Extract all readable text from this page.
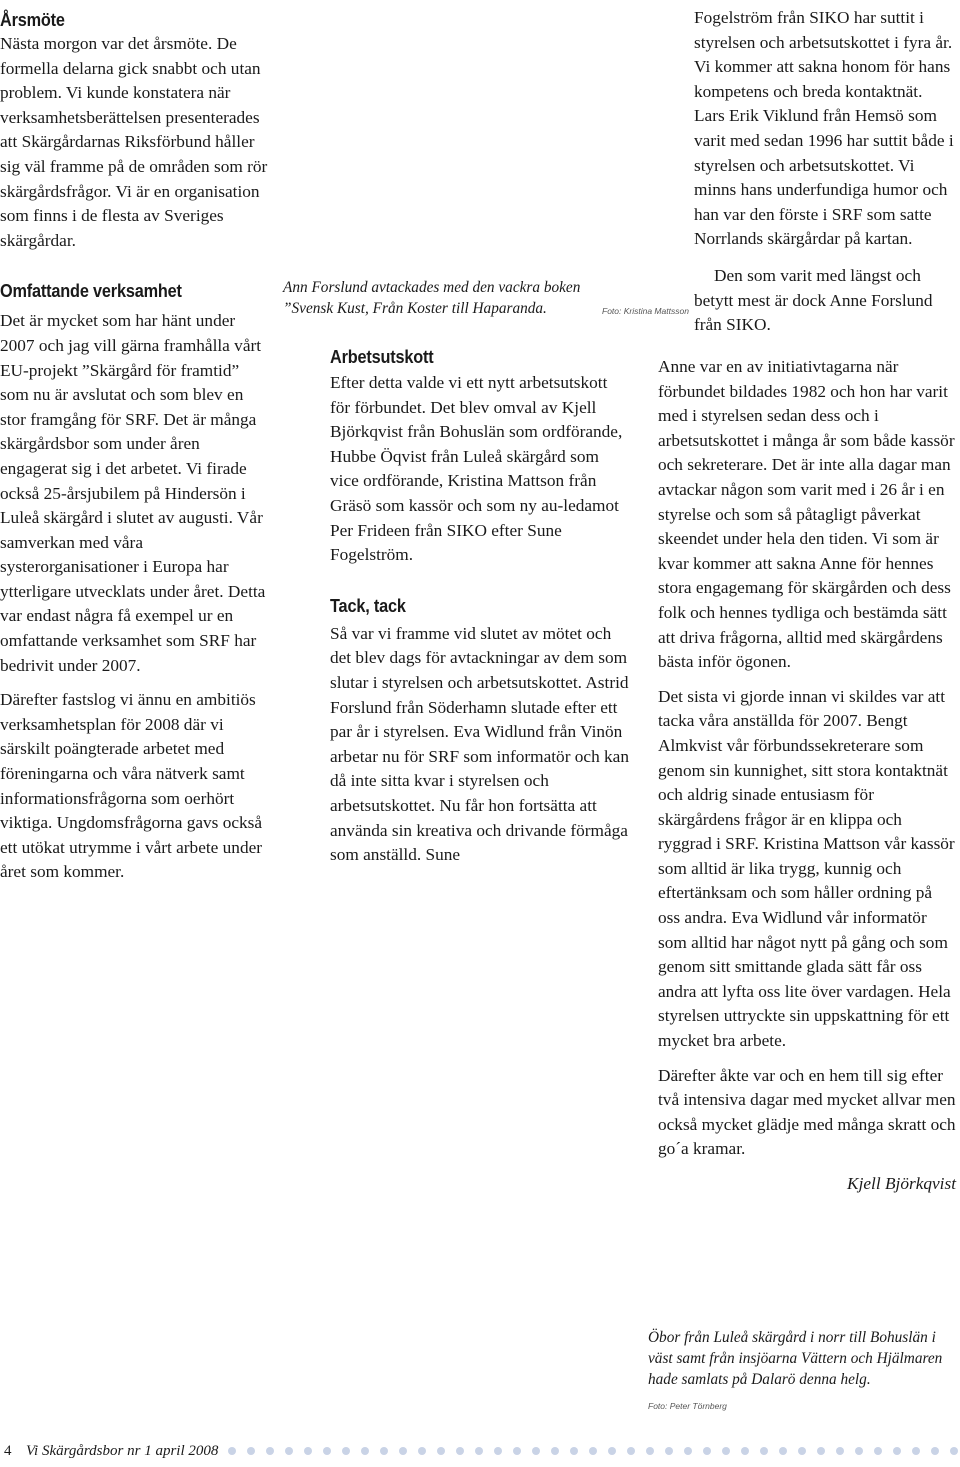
Årsmöte

Nästa morgon var det årsmöte. De formella delarna gick snabbt och utan problem. Vi kunde konstatera när verksamhetsberättelsen presenterades att Skärgårdarnas Riksförbund håller sig väl framme på de områden som rör skärgårdsfrågor. Vi är en organisation som finns i de flesta av Sveriges skärgårdar.

Omfattande verksamhet

Det är mycket som har hänt under 2007 och jag vill gärna framhålla vårt EU-projekt ”Skärgård för framtid” som nu är avslutat och som blev en stor framgång för SRF. Det är många skärgårdsbor som under åren engagerat sig i det arbetet. Vi firade också 25-årsjubilem på Hindersön i Luleå skärgård i slutet av augusti. Vår samverkan med våra systerorganisationer i Europa har ytterligare utvecklats under året. Detta var endast några få exempel ur en omfattande verksamhet som SRF har bedrivit under 2007.

Därefter fastslog vi ännu en ambitiös verksamhetsplan för 2008 där vi särskilt poängterade arbetet med föreningarna och våra nätverk samt informationsfrågorna som oerhört viktiga. Ungdomsfrågorna gavs också ett utökat utrymme i vårt arbete under året som kommer.

Ann Forslund avtackades med den vackra boken ”Svensk Kust, Från Koster till Haparanda.	Foto: Kristina Mattsson
Arbetsutskott

Efter detta valde vi ett nytt arbetsutskott för förbundet. Det blev omval av Kjell Björkqvist från Bohuslän som ordförande, Hubbe Öqvist från Luleå skärgård som vice ordförande, Kristina Mattson från Gräsö som kassör och som ny au-ledamot Per Frideen från SIKO efter Sune Fogelström.

Tack, tack

Så var vi framme vid slutet av mötet och det blev dags för avtackningar av dem som slutar i styrelsen och arbetsutskottet. Astrid Forslund från Söderhamn slutade efter ett par år i styrelsen. Eva Widlund från Vinön arbetar nu för SRF som informatör och kan då inte sitta kvar i styrelsen och arbetsutskottet. Nu får hon fortsätta att använda sin kreativa och drivande förmåga som anställd. Sune

Fogelström från SIKO har suttit i styrelsen och arbetsutskottet i fyra år. Vi kommer att sakna honom för hans kompetens och breda kontaktnät. Lars Erik Viklund från Hemsö som varit med sedan 1996 har suttit både i styrelsen och arbetsutskottet. Vi minns hans underfundiga humor och han var den förste i SRF som satte Norrlands skärgårdar på kartan.

Den som varit med längst och betytt mest är dock Anne Forslund från SIKO.

Anne var en av initiativtagarna när förbundet bildades 1982 och hon har varit med i styrelsen sedan dess och i arbetsutskottet i många år som både kassör och sekreterare. Det är inte alla dagar man avtackar någon som varit med i 26 år i en styrelse och som så påtagligt påverkat skeendet under hela den tiden. Vi som är kvar kommer att sakna Anne för hennes stora engagemang för skärgården och dess folk och hennes tydliga och bestämda sätt att driva frågorna, alltid med skärgårdens bästa inför ögonen.

Det sista vi gjorde innan vi skildes var att tacka våra anställda för 2007. Bengt Almkvist vår förbundssekreterare som genom sin kunnighet, sitt stora kontaktnät och aldrig sinade entusiasm för skärgårdens frågor är en klippa och ryggrad i SRF. Kristina Mattson vår kassör som alltid är lika trygg, kunnig och eftertänksam och som håller ordning på oss andra. Eva Widlund vår informatör som alltid har något nytt på gång och som genom sitt smittande glada sätt får oss andra att lyfta oss lite över vardagen. Hela styrelsen uttryckte sin uppskattning för ett mycket bra arbete.

Därefter åkte var och en hem till sig efter två intensiva dagar med mycket allvar men också mycket glädje med många skratt och go´a kramar.

Kjell Björkqvist

Öbor från Luleå skärgård i norr till Bohuslän i väst samt från insjöarna Vättern och Hjälmaren hade samlats på Dalarö denna helg.
Foto: Peter Törnberg
4 Vi Skärgårdsbor nr 1 april 2008
